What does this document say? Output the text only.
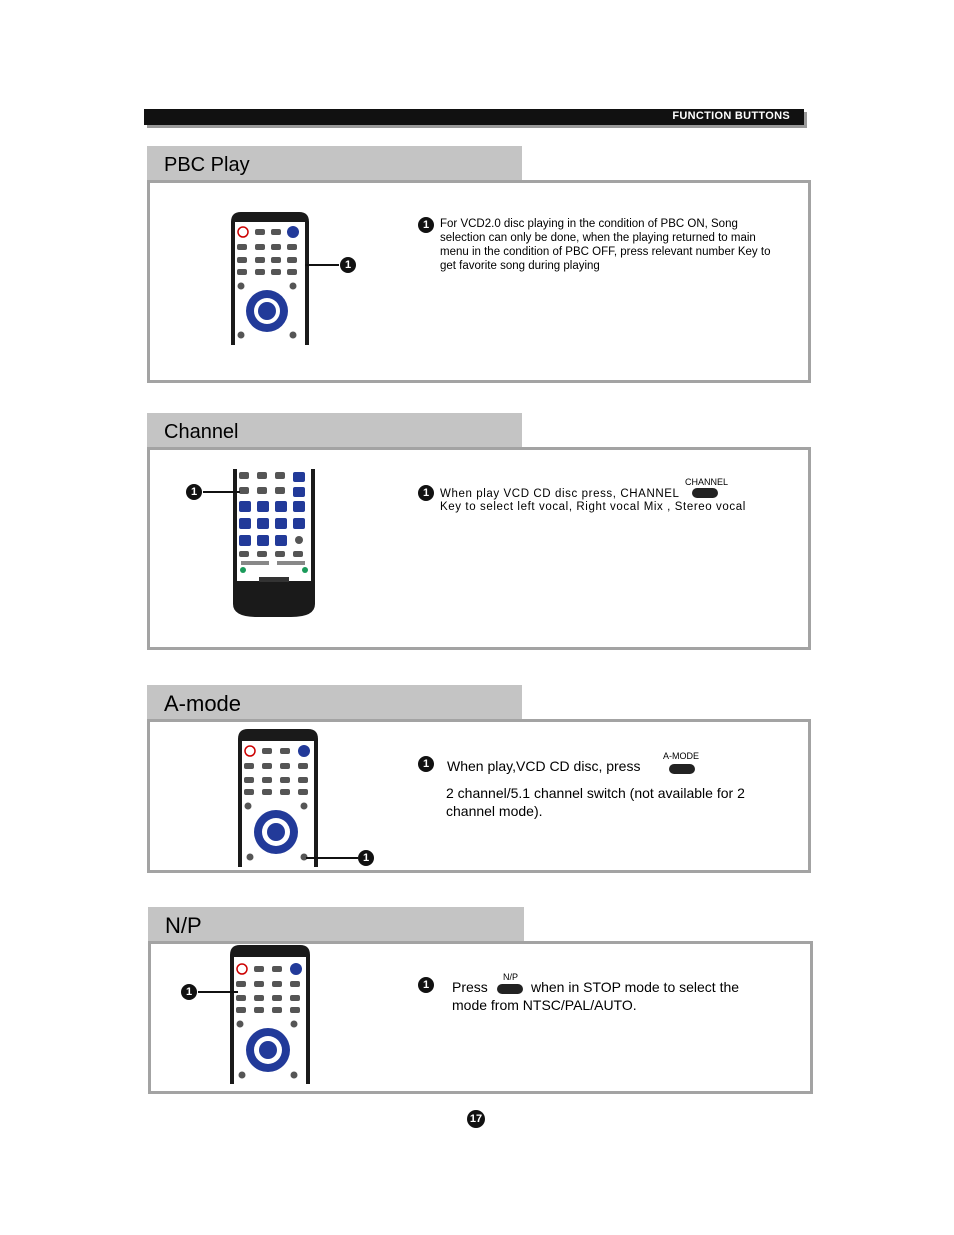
FUNCTION BUTTONS
PBC Play
1
1 For VCD2.0 disc playing in the condition of PBC ON, Song selection can only be done, when the playing returned to main menu in the condition of PBC OFF, press relevant number Key to get favorite song during playing
Channel
1	1 When play VCD CD disc press, CHANNEL
CHANNEL
Key to select left vocal, Right vocal Mix , Stereo vocal
A-mode
1
1	When play,VCD CD disc, press
A-MODE
2 channel/5.1 channel switch (not available for 2 channel mode).
N/P
1
1	Press
N/P
when in STOP mode to select the
mode from NTSC/PAL/AUTO.
17
